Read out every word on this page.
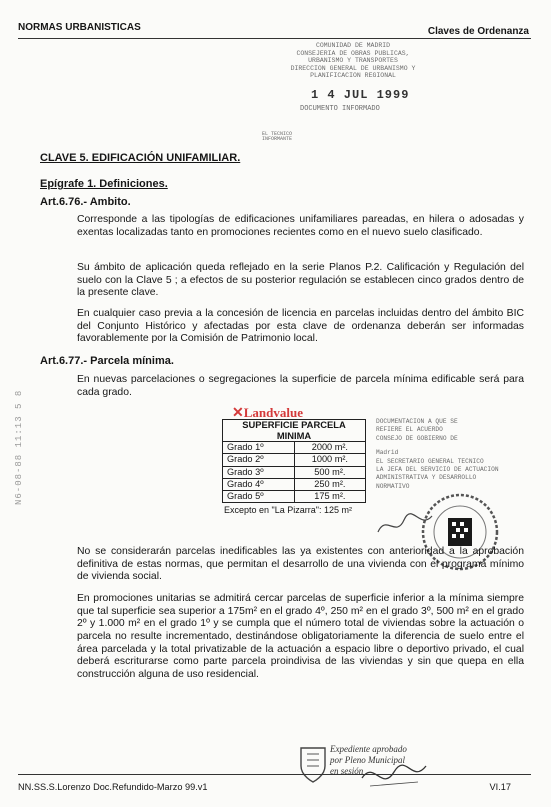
NORMAS URBANISTICAS	Claves de Ordenanza
COMUNIDAD DE MADRID
CONSEJERIA DE OBRAS PUBLICAS,
URBANISMO Y TRANSPORTES
DIRECCION GENERAL DE URBANISMO Y
PLANIFICACION REGIONAL
1 4 JUL 1999
DOCUMENTO INFORMADO
EL TECNICO INFORMANTE
CLAVE 5. EDIFICACIÓN UNIFAMILIAR.
Epígrafe 1. Definiciones.
Art.6.76.- Ambito.

Corresponde a las tipologías de edificaciones unifamiliares pareadas, en hilera o adosadas y exentas localizadas tanto en promociones recientes como en el nuevo suelo clasificado.

Su ámbito de aplicación queda reflejado en la serie Planos P.2. Calificación y Regulación del suelo con la Clave 5 ; a efectos de su posterior regulación se establecen cinco grados dentro de la presente clave.

En cualquier caso previa a la concesión de licencia en parcelas incluidas dentro del ámbito BIC del Conjunto Histórico y afectadas por esta clave de ordenanza deberán ser informadas favorablemente por la Comisión de Patrimonio local.

Art.6.77.- Parcela mínima.

En nuevas parcelaciones o segregaciones la superficie de parcela mínima edificable será para cada grado.

✕Landvalue
SUPERFICIE PARCELA
MINIMA	
Grado 1º	2000 m².
Grado 2º	1000 m².
Grado 3º	500 m².
Grado 4º	250 m².
Grado 5º	175 m².
Excepto en "La Pizarra": 125 m²
DOCUMENTACION A QUE SE
REFIERE EL ACUERDO
CONSEJO DE GOBIERNO DE
Madrid
EL SECRETARIO GENERAL TECNICO
LA JEFA DEL SERVICIO DE ACTUACION
ADMINISTRATIVA Y DESARROLLO
NORMATIVO

No se considerarán parcelas inedificables las ya existentes con anterioridad a la aprobación definitiva de estas normas, que permitan el desarrollo de una vivienda con el programa mínimo de vivienda social.

En promociones unitarias se admitirá cercar parcelas de superficie inferior a la mínima siempre que tal superficie sea superior a 175m² en el grado 4º, 250 m² en el grado 3º, 500 m² en el grado 2º y 1.000 m² en el grado 1º y se cumpla que el número total de viviendas sobre la actuación o parcela no resulte incrementado, destinándose obligatoriamente la diferencia de suelo entre el área parcelada y la total privatizable de la actuación a espacio libre o deportivo privado, el cual deberá escriturarse como parte parcela proindivisa de las viviendas y sin que quepa en ella construcción alguna de uso residencial.

N6-08-88 11:13 5 8
Expediente aprobado
por Pleno Municipal
en sesión
NN.SS.S.Lorenzo Doc.Refundido-Marzo 99.v1	VI.17
